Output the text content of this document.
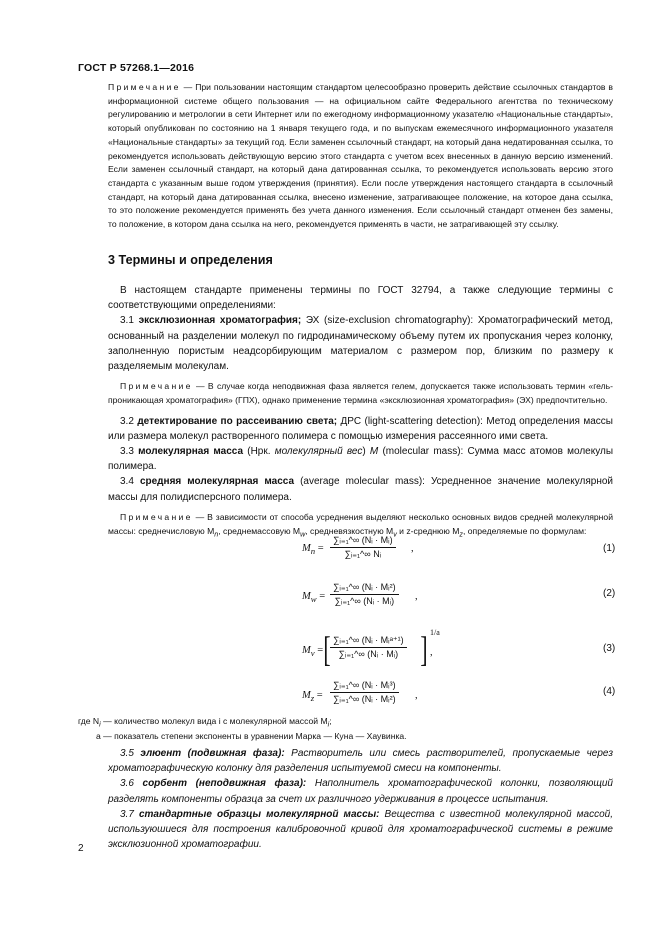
ГОСТ Р 57268.1—2016

Примечание — При пользовании настоящим стандартом целесообразно проверить действие ссылочных стандартов в информационной системе общего пользования — на официальном сайте Федерального агентства по техническому регулированию и метрологии в сети Интернет или по ежегодному информационному указателю «Национальные стандарты», который опубликован по состоянию на 1 января текущего года, и по выпускам ежемесячного информационного указателя «Национальные стандарты» за текущий год. Если заменен ссылочный стандарт, на который дана недатированная ссылка, то рекомендуется использовать действующую версию этого стандарта с учетом всех внесенных в данную версию изменений. Если заменен ссылочный стандарт, на который дана датированная ссылка, то рекомендуется использовать версию этого стандарта с указанным выше годом утверждения (принятия). Если после утверждения настоящего стандарта в ссылочный стандарт, на который дана датированная ссылка, внесено изменение, затрагивающее положение, на которое дана ссылка, то это положение рекомендуется применять без учета данного изменения. Если ссылочный стандарт отменен без замены, то положение, в котором дана ссылка на него, рекомендуется применять в части, не затрагивающей эту ссылку.

3 Термины и определения

В настоящем стандарте применены термины по ГОСТ 32794, а также следующие термины с соответствующими определениями:

3.1 эксклюзионная хроматография; ЭХ (size-exclusion chromatography): Хроматографический метод, основанный на разделении молекул по гидродинамическому объему путем их пропускания через колонку, заполненную пористым неадсорбирующим материалом с размером пор, близким по размеру к разделяемым молекулам.

Примечание — В случае когда неподвижная фаза является гелем, допускается также использовать термин «гель-проникающая хроматография» (ГПХ), однако применение термина «эксклюзионная хроматография» (ЭХ) предпочтительно.

3.2 детектирование по рассеиванию света; ДРС (light-scattering detection): Метод определения массы или размера молекул растворенного полимера с помощью измерения рассеянного ими света.

3.3 молекулярная масса (Нрк. молекулярный вес) M (molecular mass): Сумма масс атомов молекулы полимера.

3.4 средняя молекулярная масса (average molecular mass): Усредненное значение молекулярной массы для полидисперсного полимера.

Примечание — В зависимости от способа усреднения выделяют несколько основных видов средней молекулярной массы: среднечисловую $M_n$, среднемассовую $M_w$, средневязкостную $M_v$ и z-среднюю $M_z$, определяемые по формулам:

$M_n = \frac{\text{∑ᵢ₌₁\textasciicircum{}∞ (Nᵢ · Mᵢ)}}{\text{∑ᵢ₌₁\textasciicircum{}∞ Nᵢ}}$ ,	(1)
$M_w = \frac{\text{∑ᵢ₌₁\textasciicircum{}∞ (Nᵢ · Mᵢ²)}}{\text{∑ᵢ₌₁\textasciicircum{}∞ (Nᵢ · Mᵢ)}}$ ,	(2)
$M_v$ = [ ∑ᵢ₌₁^∞ (Nᵢ · Mᵢᵃ⁺¹)
∑ᵢ₌₁^∞ (Nᵢ · Mᵢ) ] 1/a
,	(3)
$M_z = \frac{\text{∑ᵢ₌₁\textasciicircum{}∞ (Nᵢ · Mᵢ³)}}{\text{∑ᵢ₌₁\textasciicircum{}∞ (Nᵢ · Mᵢ²)}}$ ,	(4)
где $N_i$ — количество молекул вида i с молекулярной массой $M_i$;
a — показатель степени экспоненты в уравнении Марка — Куна — Хаувинка.

3.5 элюент (подвижная фаза): Растворитель или смесь растворителей, пропускаемые через хроматографическую колонку для разделения испытуемой смеси на компоненты.

3.6 сорбент (неподвижная фаза): Наполнитель хроматографической колонки, позволяющий разделять компоненты образца за счет их различного удерживания в процессе испытания.

3.7 стандартные образцы молекулярной массы: Вещества с известной молекулярной массой, используюшиеся для построения калибровочной кривой для хроматографической системы в режиме эксклюзионной хроматографии.

2
